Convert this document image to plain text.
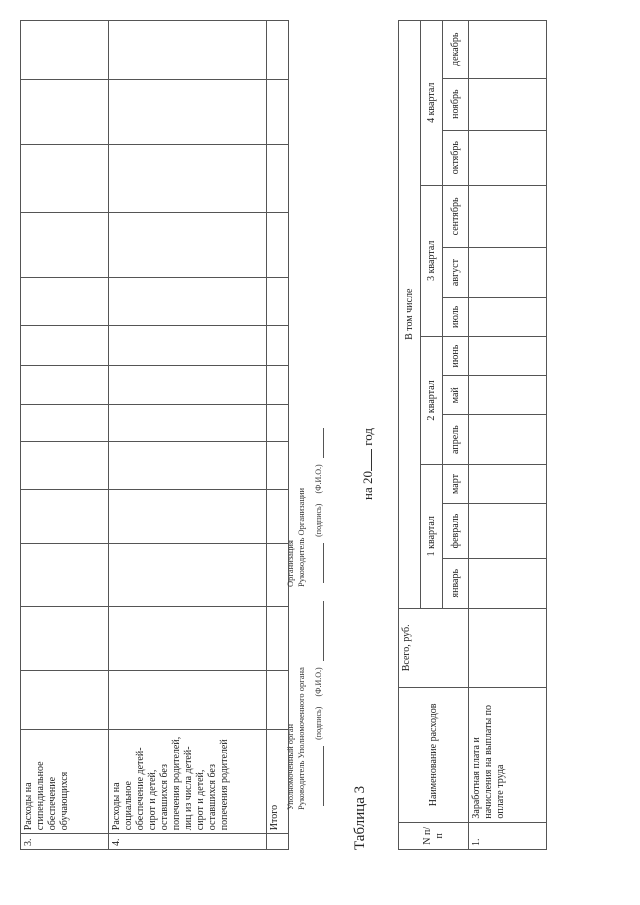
3.	Расходы на стипендиальное обеспечение обучающихся													
4.	Расходы на социальное обеспечение детей-сирот и детей, оставшихся без попечения родителей, лиц из числа детей-сирот и детей, оставшихся без попечения родителей													
	Итого													
Уполномоченный орган Руководитель Уполномоченного органа (подпись) (Ф.И.О.)
Организация Руководитель Организации (подпись) (Ф.И.О.)
Таблица 3
на 20 год
N п/п	Наименование расходов	Всего, руб.	В том числе											
			1 квартал			2 квартал			3 квартал			4 квартал		
			январь	февраль	март	апрель	май	июнь	июль	август	сентябрь	октябрь	ноябрь	декабрь
1.	Заработная плата и начисления на выплаты по оплате труда													
